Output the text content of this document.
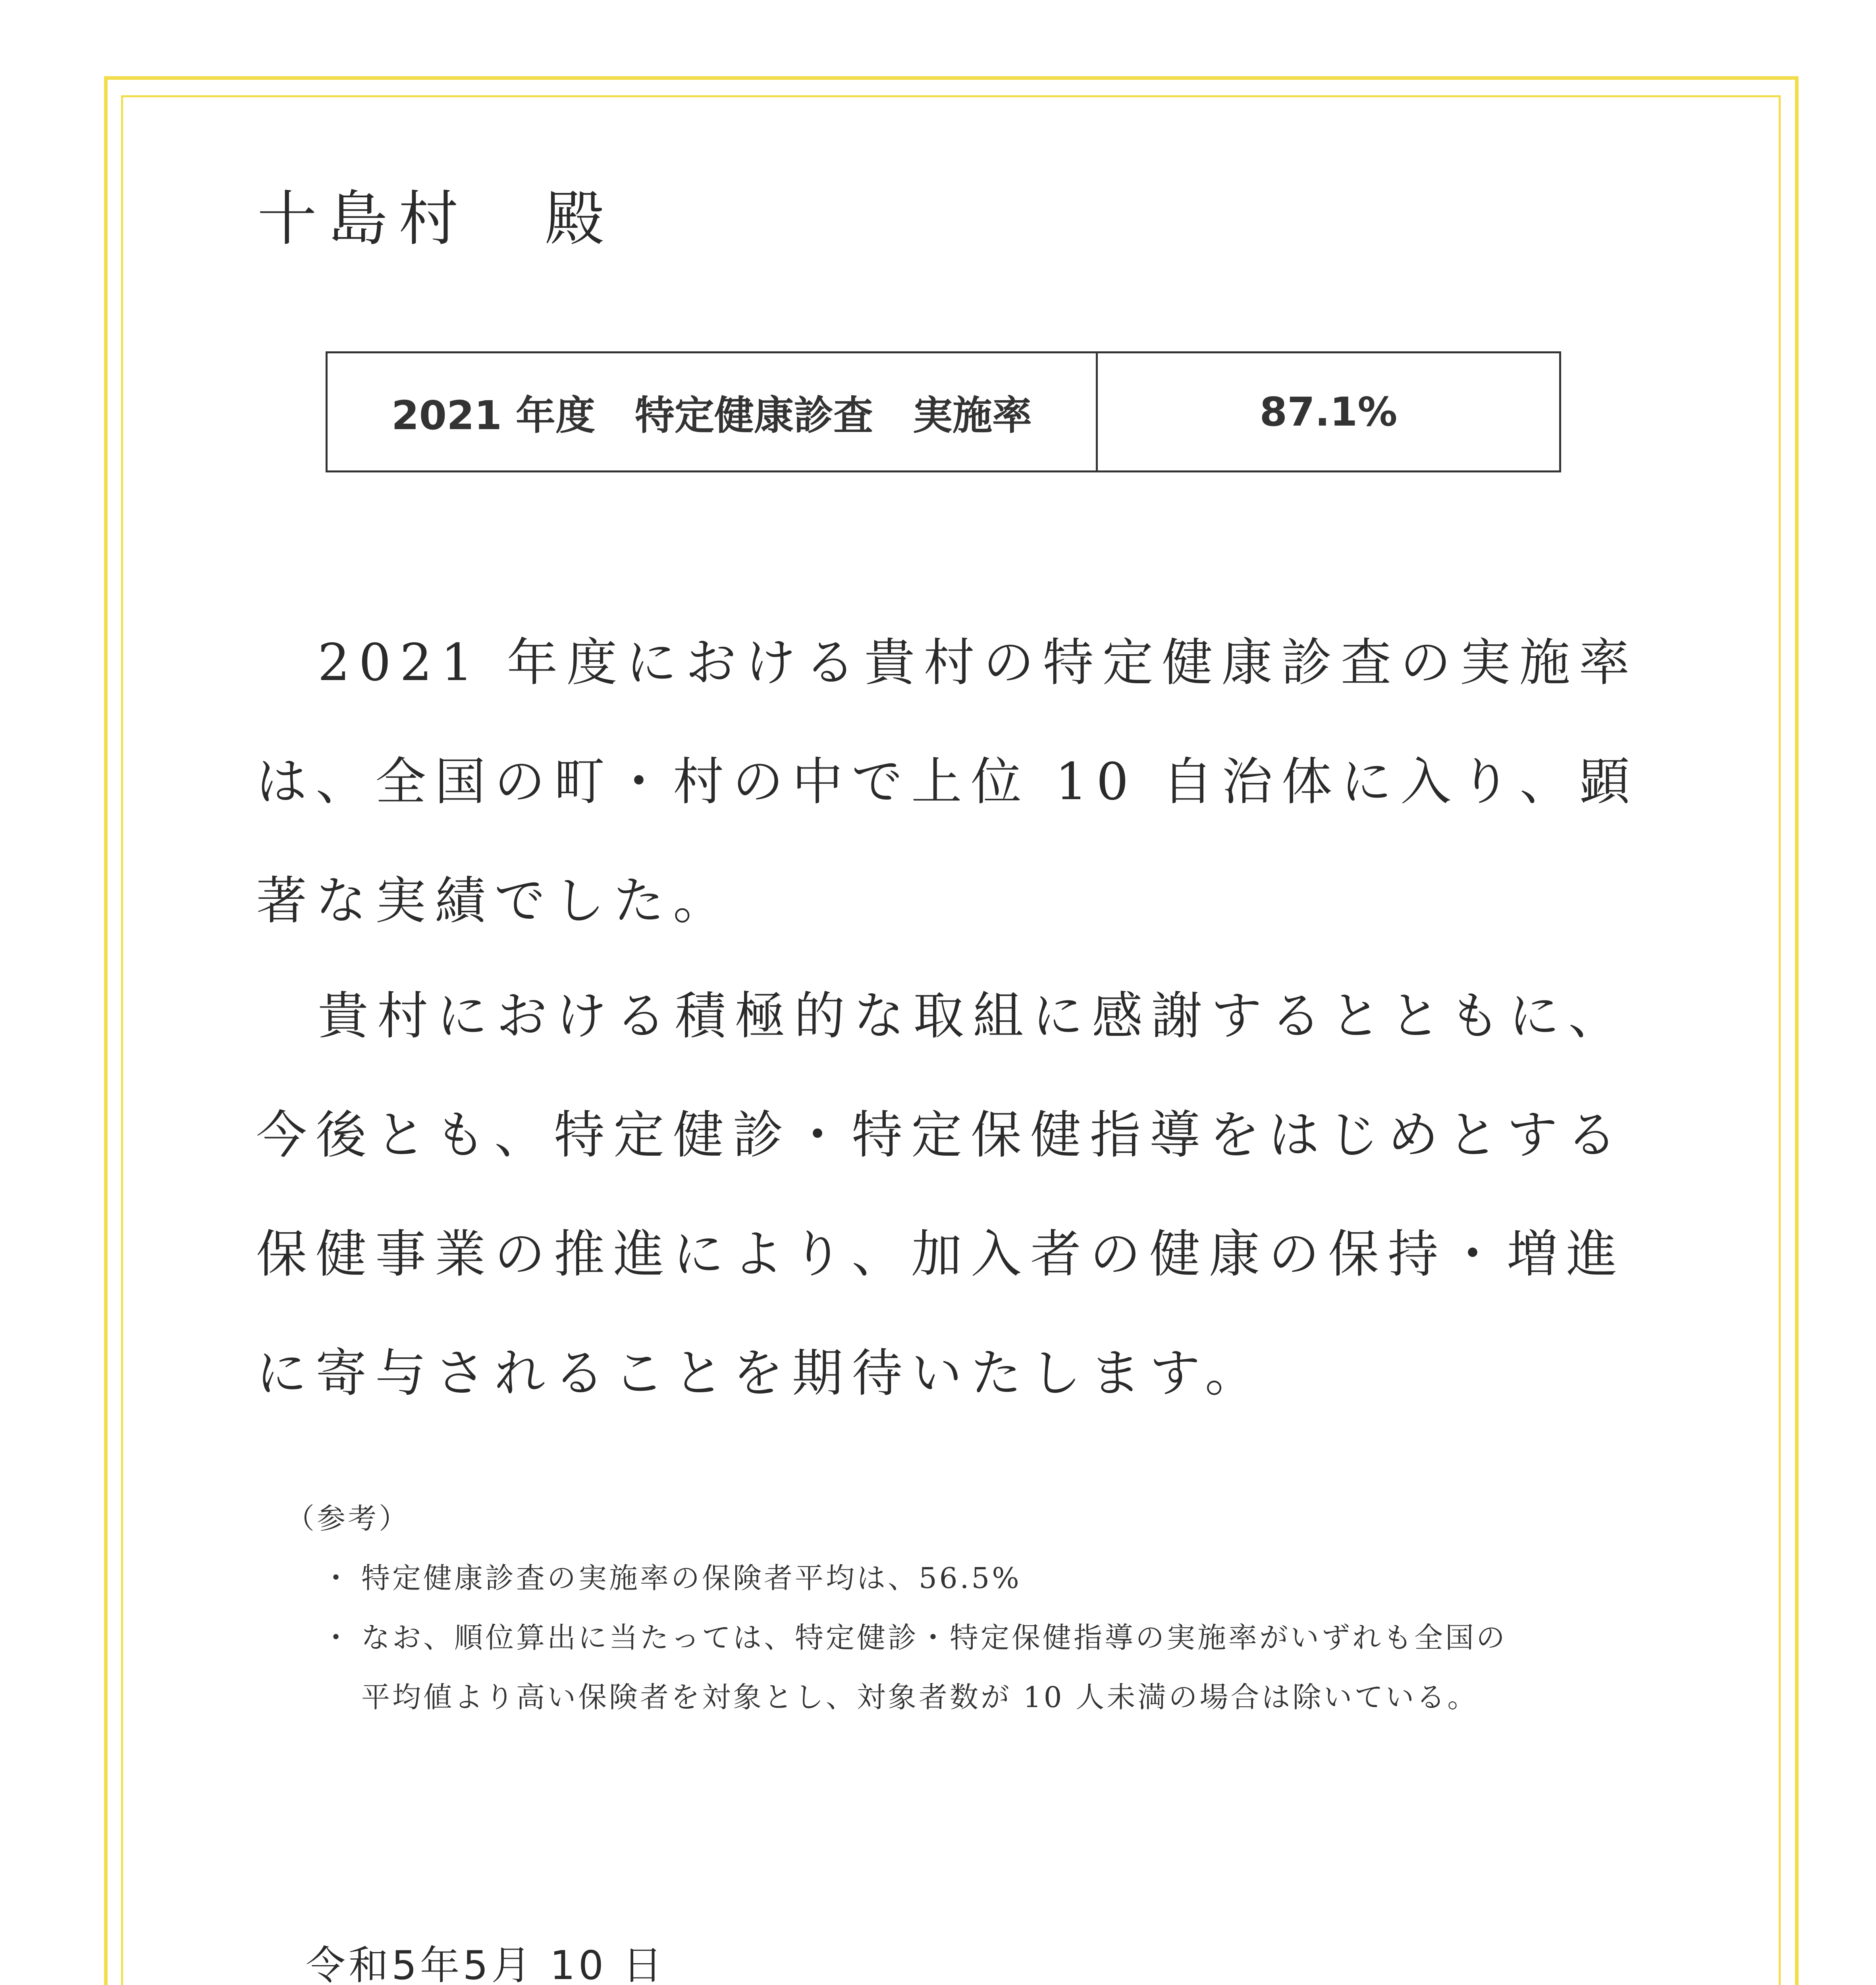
十島村 殿
2021 年度　特定健康診査　実施率	87.1%

2021 年度における貴村の特定健康診査の実施率は、全国の町・村の中で上位 10 自治体に入り、顕著な実績でした。

貴村における積極的な取組に感謝するとともに、今後とも、特定健診・特定保健指導をはじめとする保健事業の推進により、加入者の健康の保持・増進に寄与されることを期待いたします。

（参考）
・ 特定健康診査の実施率の保険者平均は、56.5%
・ なお、順位算出に当たっては、特定健診・特定保健指導の実施率がいずれも全国の
平均値より高い保険者を対象とし、対象者数が 10 人未満の場合は除いている。
令和5年5月 10 日
